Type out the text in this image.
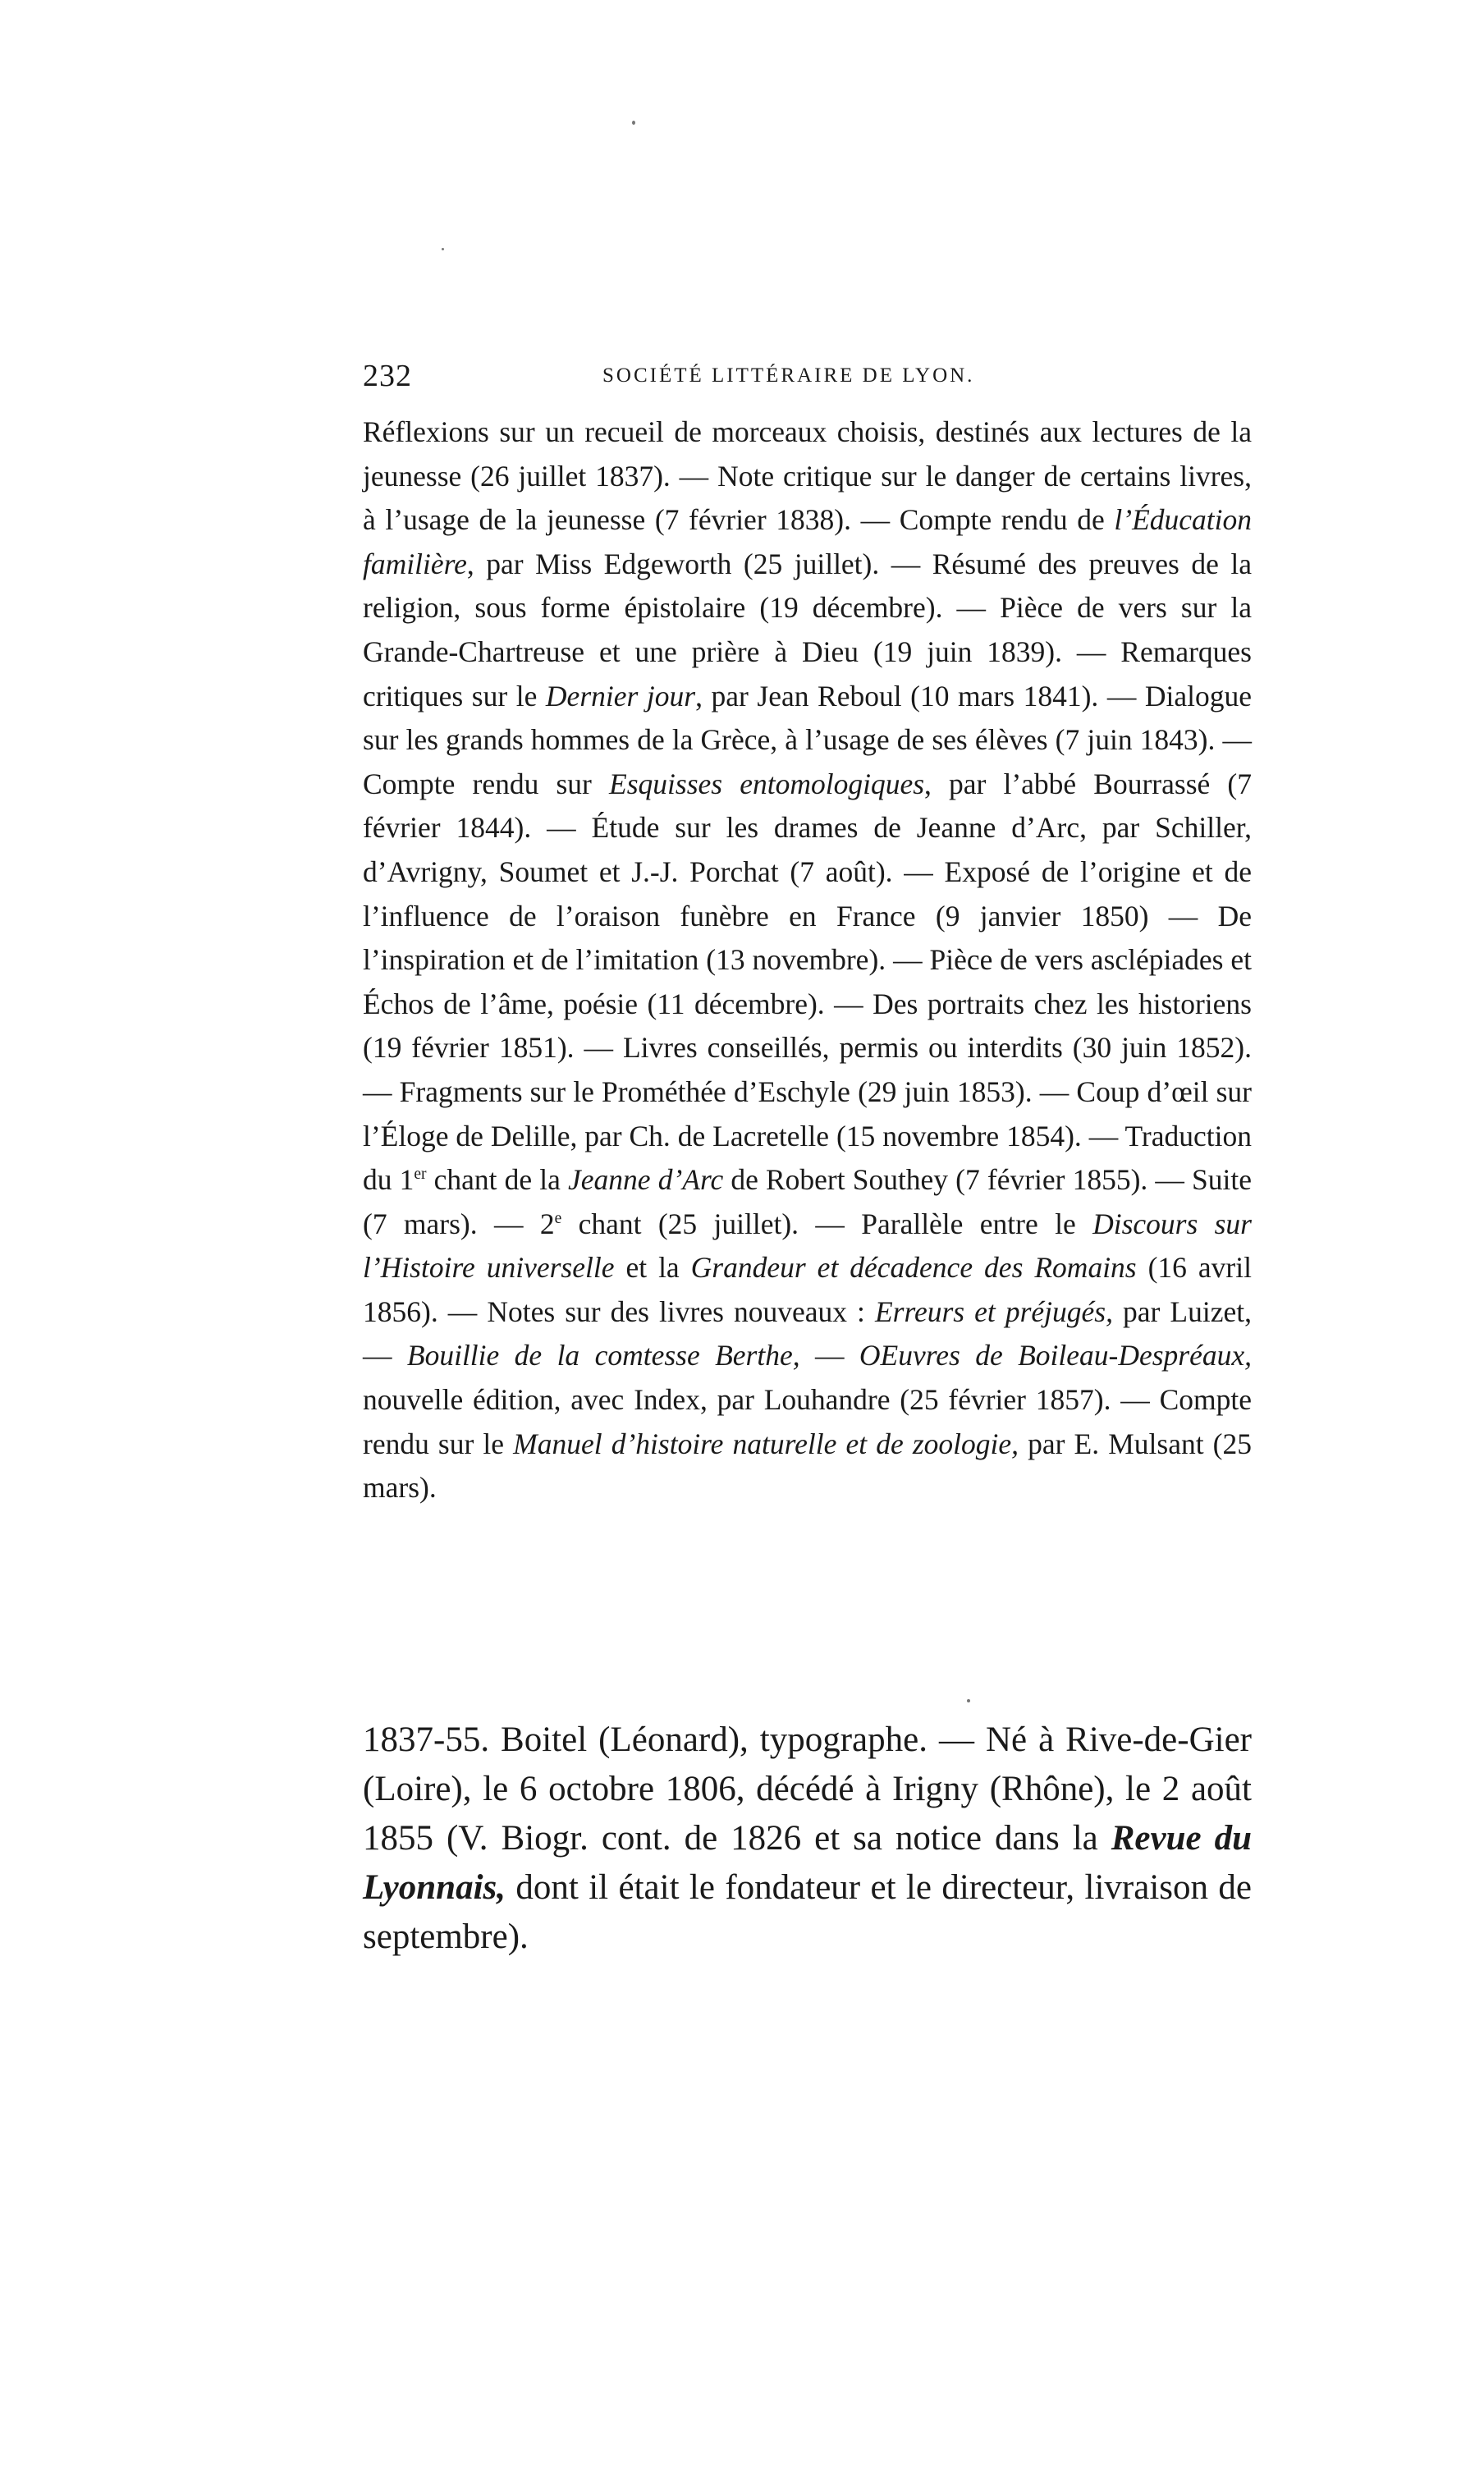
232	SOCIÉTÉ LITTÉRAIRE DE LYON.
Réflexions sur un recueil de morceaux choisis, destinés aux lectures de la jeunesse (26 juillet 1837). — Note critique sur le danger de certains livres, à l’usage de la jeunesse (7 février 1838). — Compte rendu de l’Éducation familière, par Miss Edgeworth (25 juillet). — Résumé des preuves de la religion, sous forme épistolaire (19 décembre). — Pièce de vers sur la Grande-Chartreuse et une prière à Dieu (19 juin 1839). — Remarques critiques sur le Dernier jour, par Jean Reboul (10 mars 1841). — Dialogue sur les grands hommes de la Grèce, à l’usage de ses élèves (7 juin 1843). — Compte rendu sur Esquisses entomologiques, par l’abbé Bourrassé (7 février 1844). — Étude sur les drames de Jeanne d’Arc, par Schiller, d’Avrigny, Soumet et J.-J. Porchat (7 août). — Exposé de l’origine et de l’influence de l’oraison funèbre en France (9 janvier 1850) — De l’inspiration et de l’imitation (13 novembre). — Pièce de vers asclépiades et Échos de l’âme, poésie (11 décembre). — Des portraits chez les historiens (19 février 1851). — Livres conseillés, permis ou interdits (30 juin 1852). — Fragments sur le Prométhée d’Eschyle (29 juin 1853). — Coup d’œil sur l’Éloge de Delille, par Ch. de Lacretelle (15 novembre 1854). — Traduction du 1er chant de la Jeanne d’Arc de Robert Southey (7 février 1855). — Suite (7 mars). — 2e chant (25 juillet). — Parallèle entre le Discours sur l’Histoire universelle et la Grandeur et décadence des Romains (16 avril 1856). — Notes sur des livres nouveaux : Erreurs et préjugés, par Luizet, — Bouillie de la comtesse Berthe, — OEuvres de Boileau-Despréaux, nouvelle édition, avec Index, par Louhandre (25 février 1857). — Compte rendu sur le Manuel d’histoire naturelle et de zoologie, par E. Mulsant (25 mars).
1837-55. Boitel (Léonard), typographe. — Né à Rive-de-Gier (Loire), le 6 octobre 1806, décédé à Irigny (Rhône), le 2 août 1855 (V. Biogr. cont. de 1826 et sa notice dans la Revue du Lyonnais, dont il était le fondateur et le directeur, livraison de septembre).
